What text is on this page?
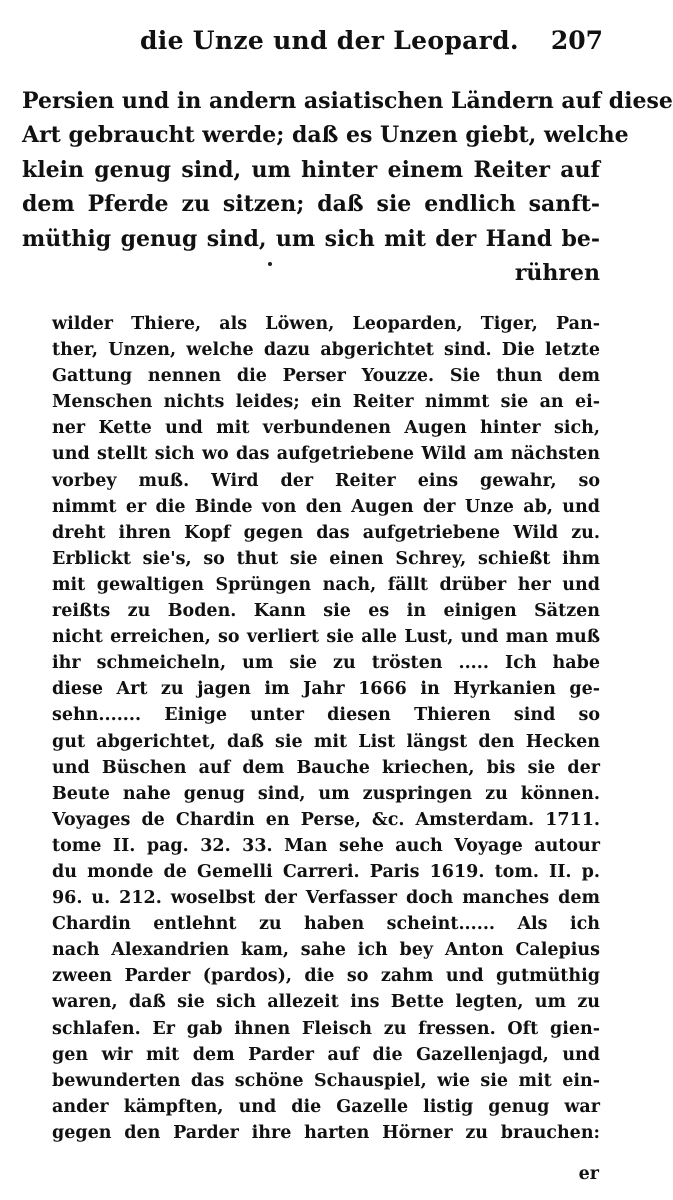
die Unze und der Leopard. 207
Persien und in andern asiatischen Ländern auf diese
Art gebraucht werde; daß es Unzen giebt, welche
klein genug sind, um hinter einem Reiter auf
dem Pferde zu sitzen; daß sie endlich sanft-
müthig genug sind, um sich mit der Hand be-
rühren
wilder Thiere, als Löwen, Leoparden, Tiger, Pan-
ther, Unzen, welche dazu abgerichtet sind. Die letzte
Gattung nennen die Perser Youzze. Sie thun dem
Menschen nichts leides; ein Reiter nimmt sie an ei-
ner Kette und mit verbundenen Augen hinter sich,
und stellt sich wo das aufgetriebene Wild am nächsten
vorbey muß. Wird der Reiter eins gewahr, so
nimmt er die Binde von den Augen der Unze ab, und
dreht ihren Kopf gegen das aufgetriebene Wild zu.
Erblickt sie's, so thut sie einen Schrey, schießt ihm
mit gewaltigen Sprüngen nach, fällt drüber her und
reißts zu Boden. Kann sie es in einigen Sätzen
nicht erreichen, so verliert sie alle Lust, und man muß
ihr schmeicheln, um sie zu trösten ..... Ich habe
diese Art zu jagen im Jahr 1666 in Hyrkanien ge-
sehn....... Einige unter diesen Thieren sind so
gut abgerichtet, daß sie mit List längst den Hecken
und Büschen auf dem Bauche kriechen, bis sie der
Beute nahe genug sind, um zuspringen zu können.
Voyages de Chardin en Perse, &c. Amsterdam. 1711.
tome II. pag. 32. 33. Man sehe auch Voyage autour
du monde de Gemelli Carreri. Paris 1619. tom. II. p.
96. u. 212. woselbst der Verfasser doch manches dem
Chardin entlehnt zu haben scheint...... Als ich
nach Alexandrien kam, sahe ich bey Anton Calepius
zween Parder (pardos), die so zahm und gutmüthig
waren, daß sie sich allezeit ins Bette legten, um zu
schlafen. Er gab ihnen Fleisch zu fressen. Oft gien-
gen wir mit dem Parder auf die Gazellenjagd, und
bewunderten das schöne Schauspiel, wie sie mit ein-
ander kämpften, und die Gazelle listig genug war
gegen den Parder ihre harten Hörner zu brauchen:
er
